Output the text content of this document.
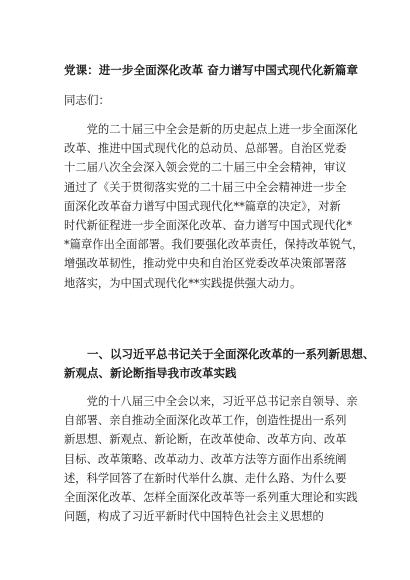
党课：进一步全面深化改革 奋力谱写中国式现代化新篇章
同志们：
　　党的二十届三中全会是新的历史起点上进一步全面深化
改革、推进中国式现代化的总动员、总部署。自治区党委
十二届八次全会深入领会党的二十届三中全会精神，审议
通过了《关于贯彻落实党的二十届三中全会精神进一步全
面深化改革奋力谱写中国式现代化**篇章的决定》，对新
时代新征程进一步全面深化改革、奋力谱写中国式现代化*
*篇章作出全面部署。我们要强化改革责任，保持改革锐气，
增强改革韧性，推动党中央和自治区党委改革决策部署落
地落实，为中国式现代化**实践提供强大动力。
　　一、以习近平总书记关于全面深化改革的一系列新思想、
新观点、新论断指导我市改革实践
　　党的十八届三中全会以来，习近平总书记亲自领导、亲
自部署、亲自推动全面深化改革工作，创造性提出一系列
新思想、新观点、新论断，在改革使命、改革方向、改革
目标、改革策略、改革动力、改革方法等方面作出系统阐
述，科学回答了在新时代举什么旗、走什么路、为什么要
全面深化改革、怎样全面深化改革等一系列重大理论和实践
问题，构成了习近平新时代中国特色社会主义思想的
